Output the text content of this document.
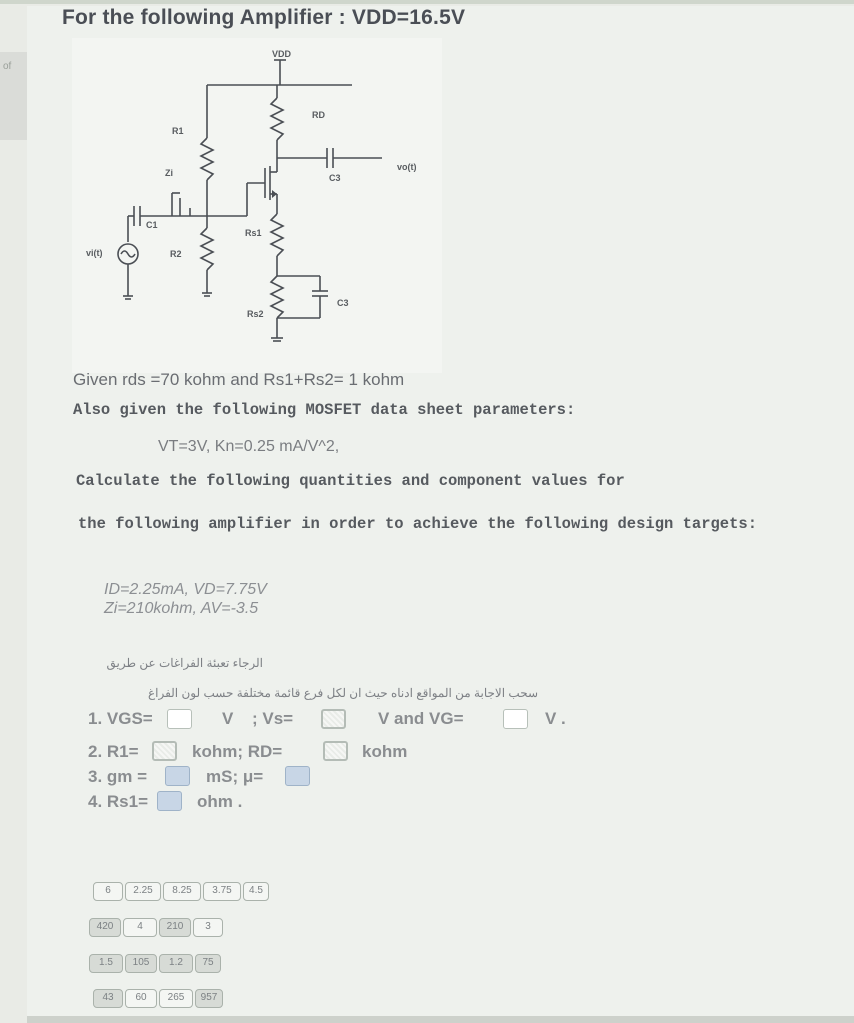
of
For the following Amplifier : VDD=16.5V
VDD
R1
RD
Zi
C1
C3
vo(t)
vi(t)	R2
Rs1
Rs2
C3
Given rds =70 kohm and Rs1+Rs2= 1 kohm
Also given the following MOSFET data sheet parameters:
VT=3V, Kn=0.25 mA/V^2,
Calculate the following quantities and component values for
the following amplifier in order to achieve the following design targets:
ID=2.25mA, VD=7.75V
Zi=210kohm, AV=-3.5
الرجاء تعبئة الفراغات عن طريق
سحب الاجابة من المواقع ادناه حيث ان لكل فرع قائمة مختلفة حسب لون الفراغ
1. VGS=	V ; Vs=	V and VG=	V .
2. R1=	kohm; RD=	kohm
3. gm =	mS; μ=
4. Rs1=	ohm .
6	2.25	8.25	3.75	4.5
420	4	210	3
1.5	105	1.2	75
43	60	265	957
